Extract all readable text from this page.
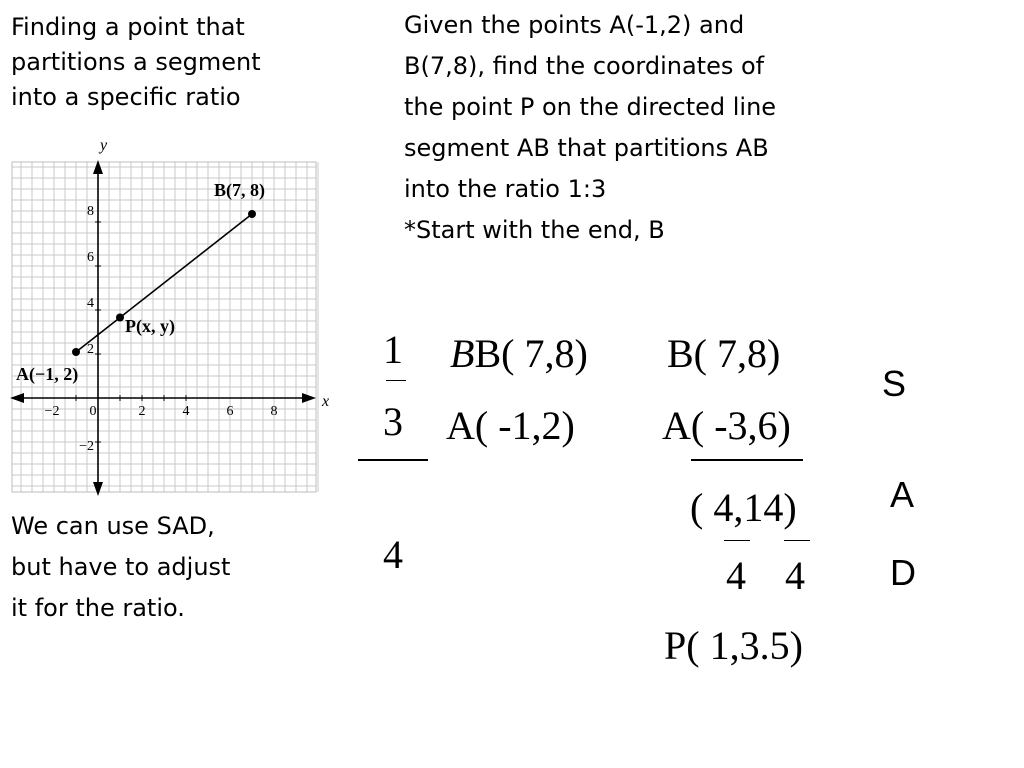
Finding a point that
partitions a segment
into a specific ratio
Given the points A(-1,2) and
B(7,8), find the coordinates of
the point P on the directed line
segment AB that partitions AB
into the ratio 1:3
*Start with the end, B
y
x
−2 0	2	4	6	8
8
6
4
2
−2
B(7, 8)
P(x, y)
A(−1, 2)
We can use SAD,
but have to adjust
it for the ratio.
1
3
4
BB( 7,8)
A( -1,2)
B( 7,8)
A( -3,6)
( 4,14)
4 4
P( 1,3.5)
S
A
D
